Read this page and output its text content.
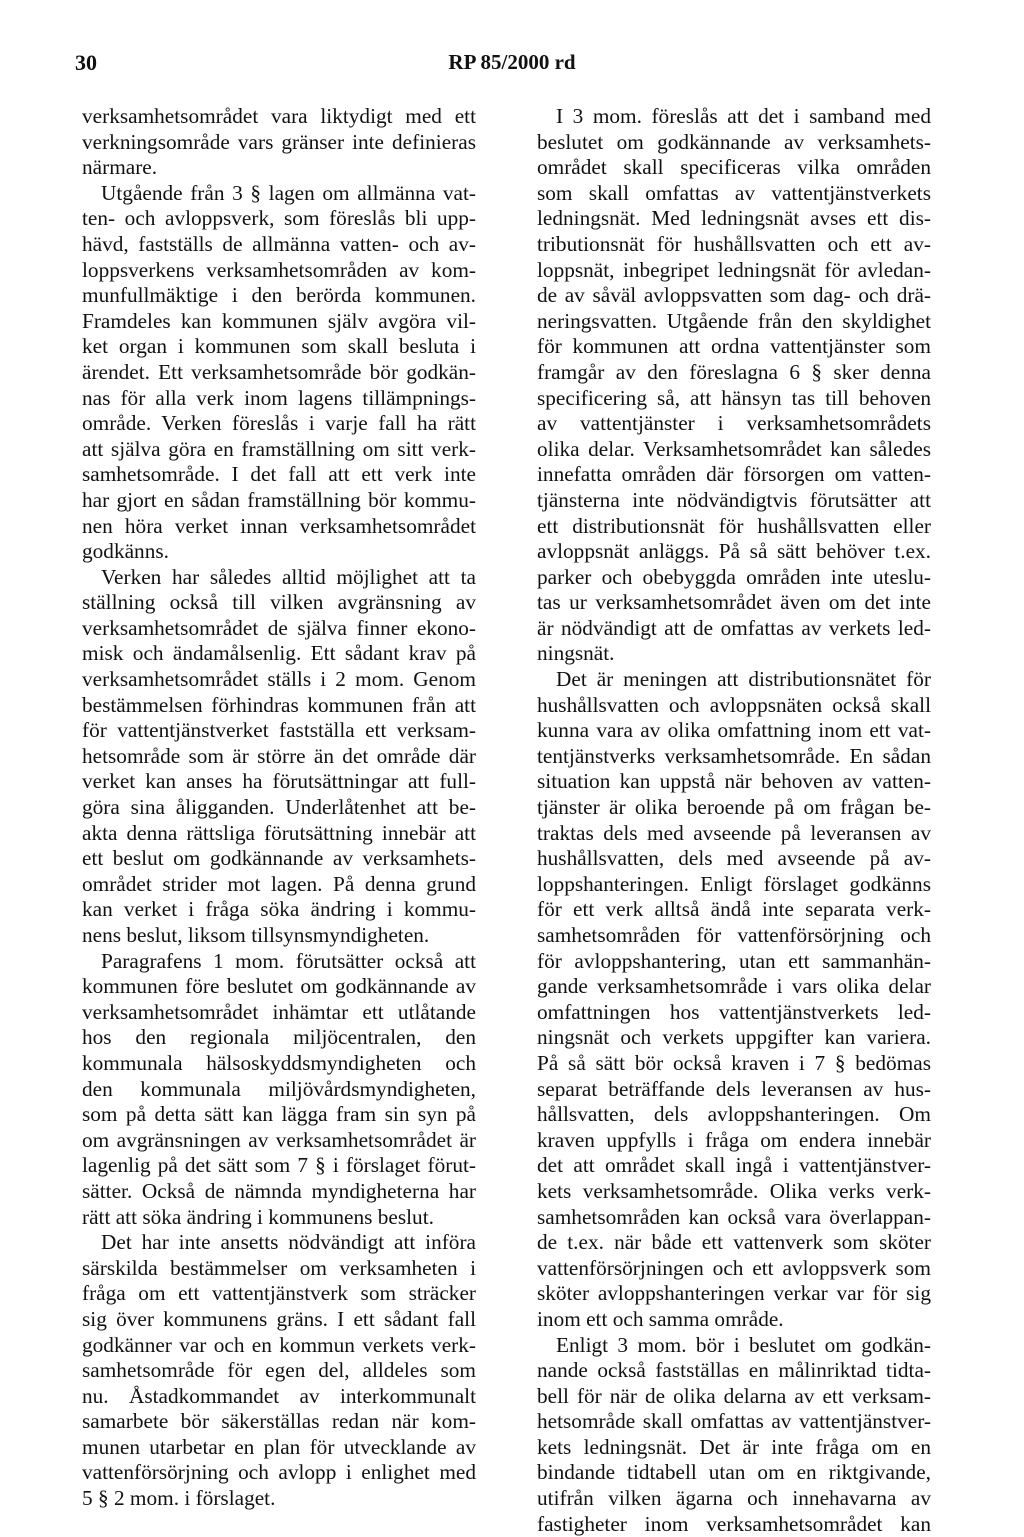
30	RP 85/2000 rd
verksamhetsområdet vara liktydigt med ett
verkningsområde vars gränser inte definieras
närmare.
Utgående från 3 § lagen om allmänna vat-
ten- och avloppsverk, som föreslås bli upp-
hävd, fastställs de allmänna vatten- och av-
loppsverkens verksamhetsområden av kom-
munfullmäktige i den berörda kommunen.
Framdeles kan kommunen själv avgöra vil-
ket organ i kommunen som skall besluta i
ärendet. Ett verksamhetsområde bör godkän-
nas för alla verk inom lagens tillämpnings-
område. Verken föreslås i varje fall ha rätt
att själva göra en framställning om sitt verk-
samhetsområde. I det fall att ett verk inte
har gjort en sådan framställning bör kommu-
nen höra verket innan verksamhetsområdet
godkänns.
Verken har således alltid möjlighet att ta
ställning också till vilken avgränsning av
verksamhetsområdet de själva finner ekono-
misk och ändamålsenlig. Ett sådant krav på
verksamhetsområdet ställs i 2 mom. Genom
bestämmelsen förhindras kommunen från att
för vattentjänstverket fastställa ett verksam-
hetsområde som är större än det område där
verket kan anses ha förutsättningar att full-
göra sina åligganden. Underlåtenhet att be-
akta denna rättsliga förutsättning innebär att
ett beslut om godkännande av verksamhets-
området strider mot lagen. På denna grund
kan verket i fråga söka ändring i kommu-
nens beslut, liksom tillsynsmyndigheten.
Paragrafens 1 mom. förutsätter också att
kommunen före beslutet om godkännande av
verksamhetsområdet inhämtar ett utlåtande
hos den regionala miljöcentralen, den
kommunala hälsoskyddsmyndigheten och
den kommunala miljövårdsmyndigheten,
som på detta sätt kan lägga fram sin syn på
om avgränsningen av verksamhetsområdet är
lagenlig på det sätt som 7 § i förslaget förut-
sätter. Också de nämnda myndigheterna har
rätt att söka ändring i kommunens beslut.
Det har inte ansetts nödvändigt att införa
särskilda bestämmelser om verksamheten i
fråga om ett vattentjänstverk som sträcker
sig över kommunens gräns. I ett sådant fall
godkänner var och en kommun verkets verk-
samhetsområde för egen del, alldeles som
nu. Åstadkommandet av interkommunalt
samarbete bör säkerställas redan när kom-
munen utarbetar en plan för utvecklande av
vattenförsörjning och avlopp i enlighet med
5 § 2 mom. i förslaget.
I 3 mom. föreslås att det i samband med
beslutet om godkännande av verksamhets-
området skall specificeras vilka områden
som skall omfattas av vattentjänstverkets
ledningsnät. Med ledningsnät avses ett dis-
tributionsnät för hushållsvatten och ett av-
loppsnät, inbegripet ledningsnät för avledan-
de av såväl avloppsvatten som dag- och drä-
neringsvatten. Utgående från den skyldighet
för kommunen att ordna vattentjänster som
framgår av den föreslagna 6 § sker denna
specificering så, att hänsyn tas till behoven
av vattentjänster i verksamhetsområdets
olika delar. Verksamhetsområdet kan således
innefatta områden där försorgen om vatten-
tjänsterna inte nödvändigtvis förutsätter att
ett distributionsnät för hushållsvatten eller
avloppsnät anläggs. På så sätt behöver t.ex.
parker och obebyggda områden inte uteslu-
tas ur verksamhetsområdet även om det inte
är nödvändigt att de omfattas av verkets led-
ningsnät.
Det är meningen att distributionsnätet för
hushållsvatten och avloppsnäten också skall
kunna vara av olika omfattning inom ett vat-
tentjänstverks verksamhetsområde. En sådan
situation kan uppstå när behoven av vatten-
tjänster är olika beroende på om frågan be-
traktas dels med avseende på leveransen av
hushållsvatten, dels med avseende på av-
loppshanteringen. Enligt förslaget godkänns
för ett verk alltså ändå inte separata verk-
samhetsområden för vattenförsörjning och
för avloppshantering, utan ett sammanhän-
gande verksamhetsområde i vars olika delar
omfattningen hos vattentjänstverkets led-
ningsnät och verkets uppgifter kan variera.
På så sätt bör också kraven i 7 § bedömas
separat beträffande dels leveransen av hus-
hållsvatten, dels avloppshanteringen. Om
kraven uppfylls i fråga om endera innebär
det att området skall ingå i vattentjänstver-
kets verksamhetsområde. Olika verks verk-
samhetsområden kan också vara överlappan-
de t.ex. när både ett vattenverk som sköter
vattenförsörjningen och ett avloppsverk som
sköter avloppshanteringen verkar var för sig
inom ett och samma område.
Enligt 3 mom. bör i beslutet om godkän-
nande också fastställas en målinriktad tidta-
bell för när de olika delarna av ett verksam-
hetsområde skall omfattas av vattentjänstver-
kets ledningsnät. Det är inte fråga om en
bindande tidtabell utan om en riktgivande,
utifrån vilken ägarna och innehavarna av
fastigheter inom verksamhetsområdet kan
